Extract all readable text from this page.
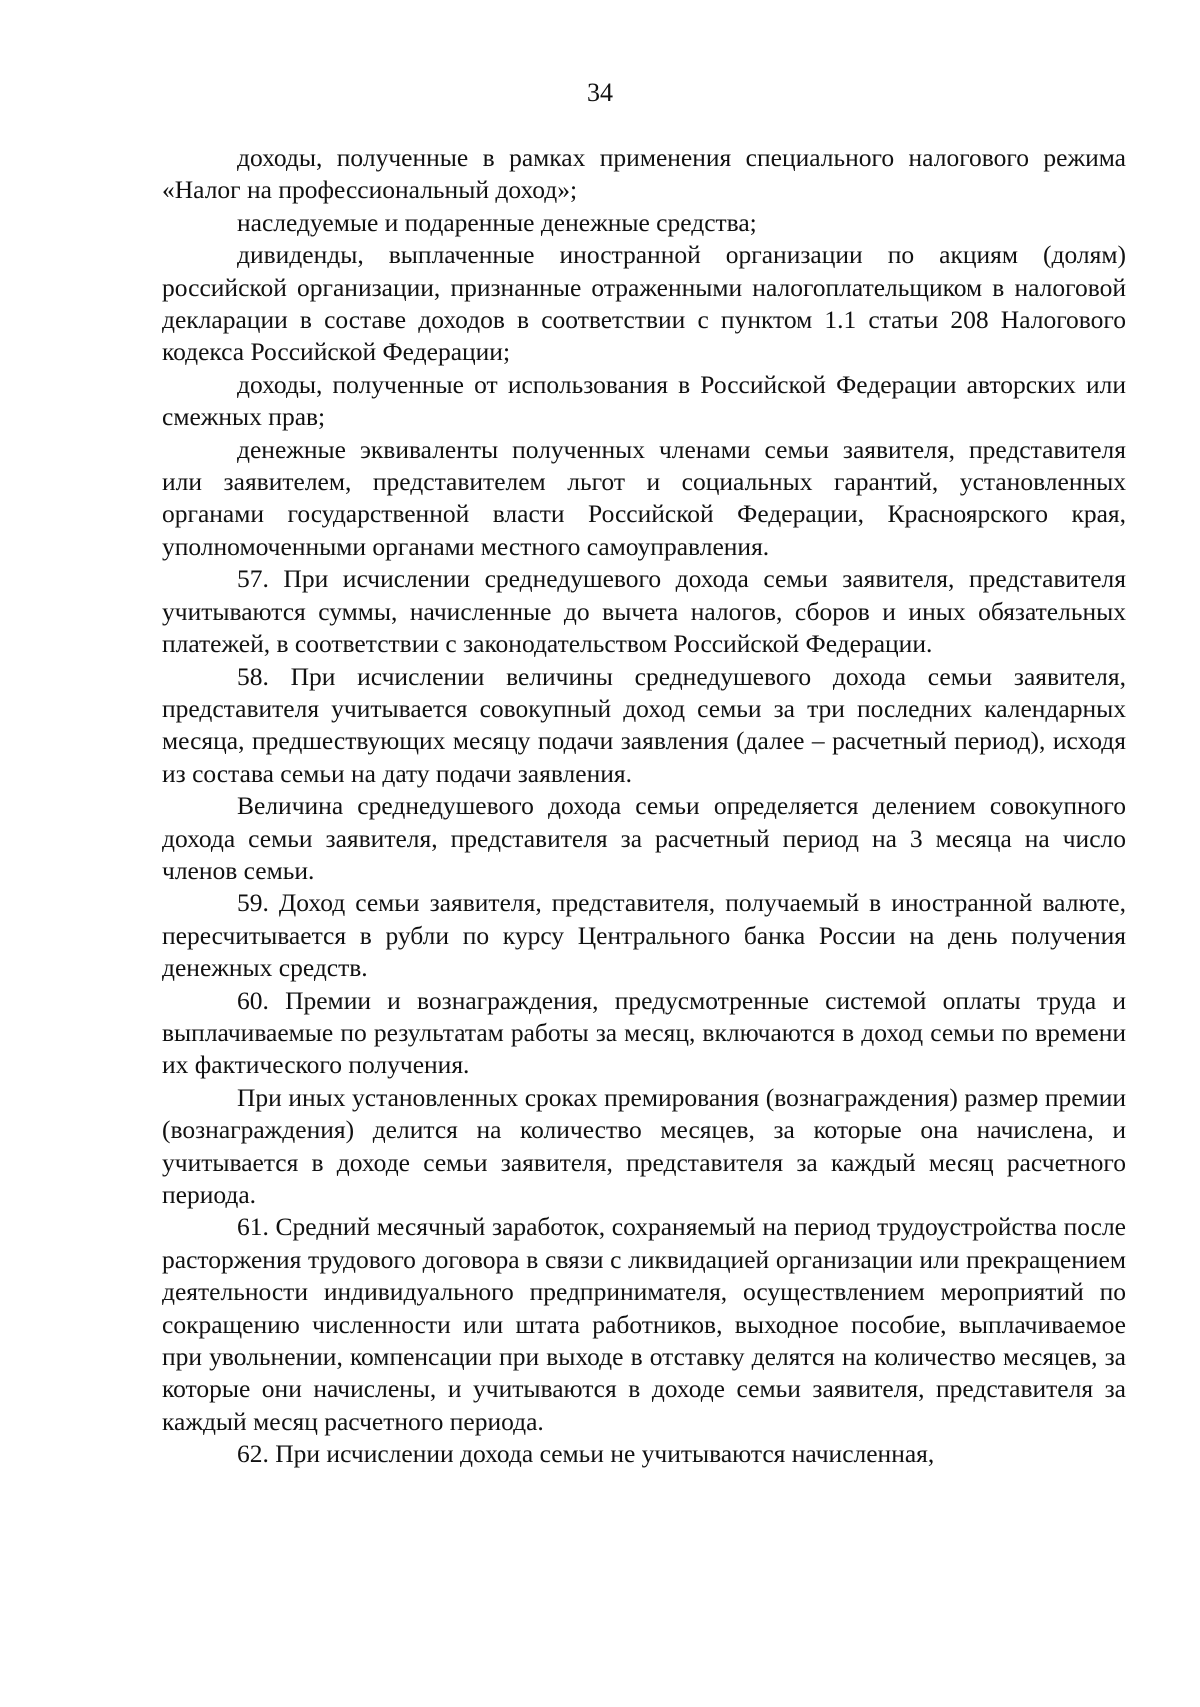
34

доходы, полученные в рамках применения специального налогового режима «Налог на профессиональный доход»;

наследуемые и подаренные денежные средства;

дивиденды, выплаченные иностранной организации по акциям (долям) российской организации, признанные отраженными налогоплательщиком в налоговой декларации в составе доходов в соответствии с пунктом 1.1 статьи 208 Налогового кодекса Российской Федерации;

доходы, полученные от использования в Российской Федерации авторских или смежных прав;

денежные эквиваленты полученных членами семьи заявителя, представителя или заявителем, представителем льгот и социальных гарантий, установленных органами государственной власти Российской Федерации, Красноярского края, уполномоченными органами местного самоуправления.

57. При исчислении среднедушевого дохода семьи заявителя, представителя учитываются суммы, начисленные до вычета налогов, сборов и иных обязательных платежей, в соответствии с законодательством Российской Федерации.

58. При исчислении величины среднедушевого дохода семьи заявителя, представителя учитывается совокупный доход семьи за три последних календарных месяца, предшествующих месяцу подачи заявления (далее – расчетный период), исходя из состава семьи на дату подачи заявления.

Величина среднедушевого дохода семьи определяется делением совокупного дохода семьи заявителя, представителя за расчетный период на 3 месяца на число членов семьи.

59. Доход семьи заявителя, представителя, получаемый в иностранной валюте, пересчитывается в рубли по курсу Центрального банка России на день получения денежных средств.

60. Премии и вознаграждения, предусмотренные системой оплаты труда и выплачиваемые по результатам работы за месяц, включаются в доход семьи по времени их фактического получения.

При иных установленных сроках премирования (вознаграждения) размер премии (вознаграждения) делится на количество месяцев, за которые она начислена, и учитывается в доходе семьи заявителя, представителя за каждый месяц расчетного периода.

61. Средний месячный заработок, сохраняемый на период трудоустройства после расторжения трудового договора в связи с ликвидацией организации или прекращением деятельности индивидуального предпринимателя, осуществлением мероприятий по сокращению численности или штата работников, выходное пособие, выплачиваемое при увольнении, компенсации при выходе в отставку делятся на количество месяцев, за которые они начислены, и учитываются в доходе семьи заявителя, представителя за каждый месяц расчетного периода.

62. При исчислении дохода семьи не учитываются начисленная,
